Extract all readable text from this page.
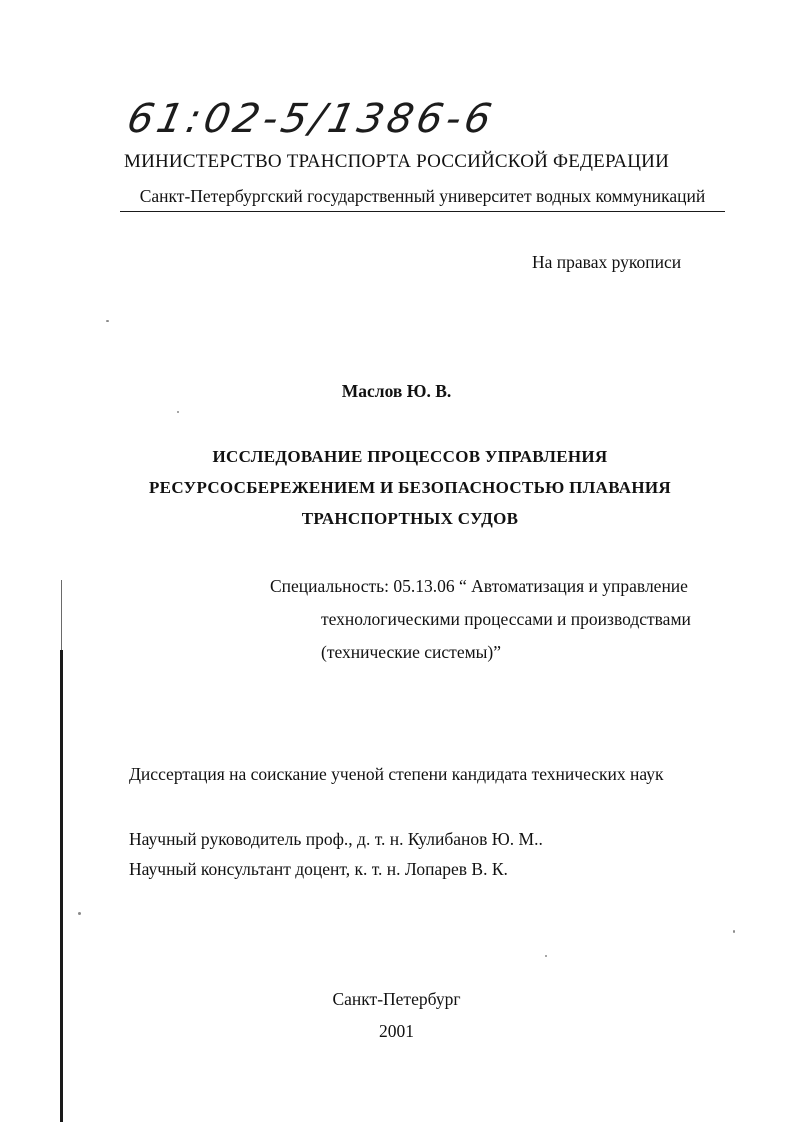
61:02-5/1386-6
МИНИСТЕРСТВО ТРАНСПОРТА РОССИЙСКОЙ ФЕДЕРАЦИИ
Санкт-Петербургский государственный университет водных коммуникаций
На правах рукописи
Маслов Ю. В.
ИССЛЕДОВАНИЕ ПРОЦЕССОВ УПРАВЛЕНИЯ
РЕСУРСОСБЕРЕЖЕНИЕМ И БЕЗОПАСНОСТЬЮ ПЛАВАНИЯ
ТРАНСПОРТНЫХ СУДОВ
Специальность: 05.13.06 “ Автоматизация и управление
технологическими процессами и производствами
(технические системы)”
Диссертация на соискание ученой степени кандидата технических наук
Научный руководитель проф., д. т. н. Кулибанов Ю. М..
Научный консультант доцент, к. т. н. Лопарев В. К.
Санкт-Петербург
2001
